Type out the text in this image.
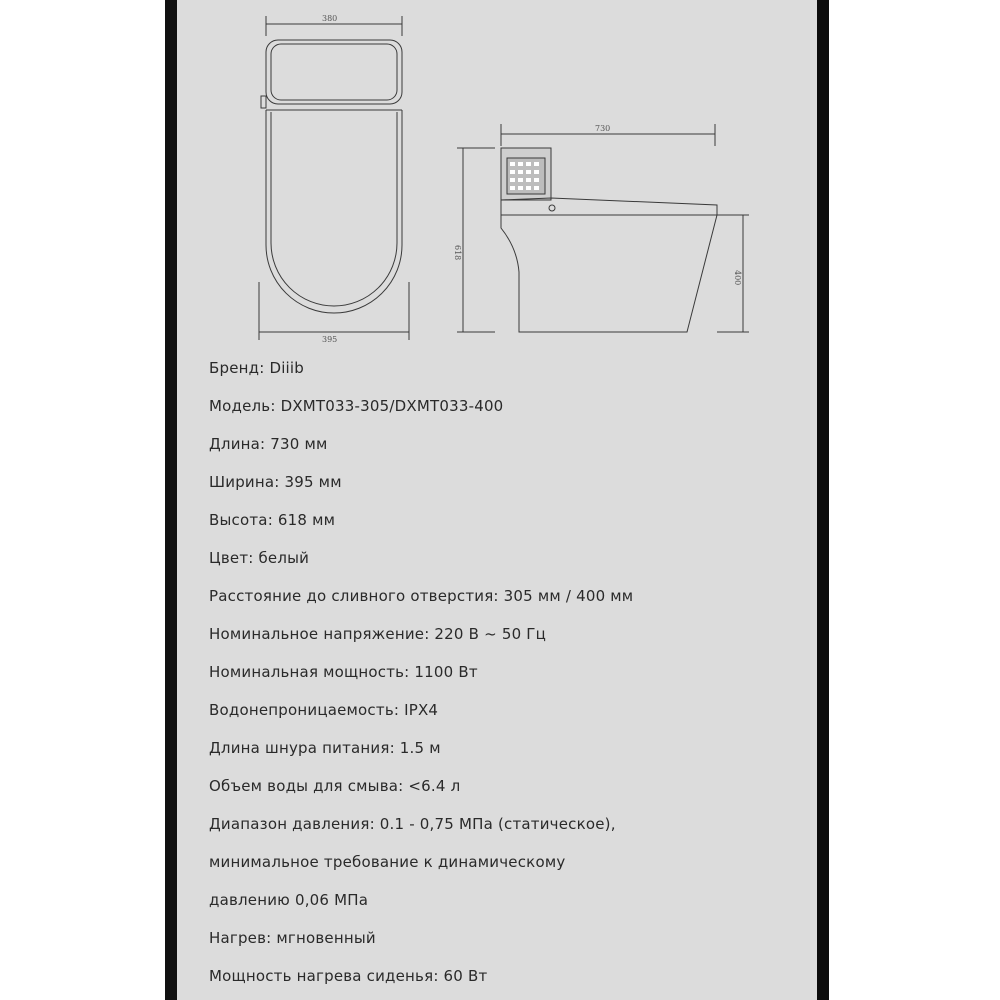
380
395
730
618
400
Бренд: Diiib
Модель: DXMT033-305/DXMT033-400
Длина: 730 мм
Ширина: 395 мм
Высота: 618 мм
Цвет: белый
Расстояние до сливного отверстия: 305 мм / 400 мм
Номинальное напряжение: 220 В ~ 50 Гц
Номинальная мощность: 1100 Вт
Водонепроницаемость: IPX4
Длина шнура питания: 1.5 м
Объем воды для смыва: <6.4 л
Диапазон давления: 0.1 - 0,75 МПа (статическое),
минимальное требование к динамическому
давлению 0,06 МПа
Нагрев: мгновенный
Мощность нагрева сиденья: 60 Вт
